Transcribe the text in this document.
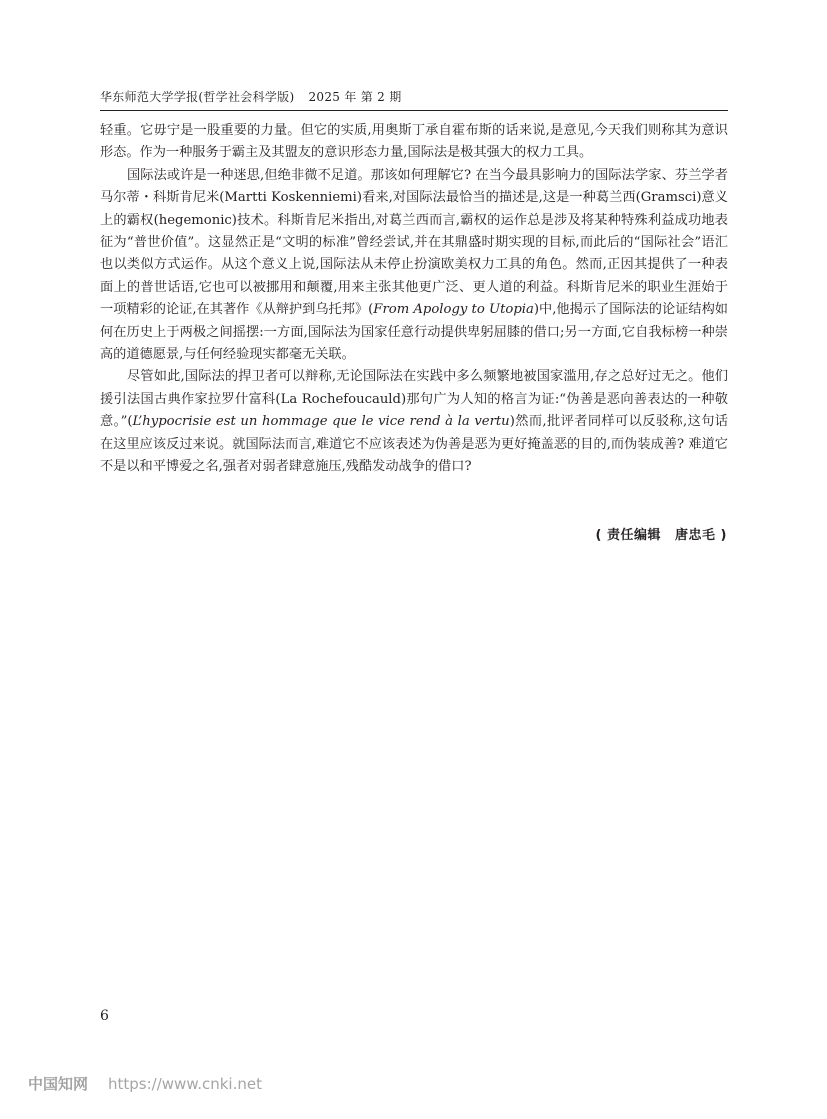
华东师范大学学报(哲学社会科学版) 2025 年 第 2 期

轻重。它毋宁是一股重要的力量。但它的实质,用奥斯丁承自霍布斯的话来说,是意见,今天我们则称其为意识形态。作为一种服务于霸主及其盟友的意识形态力量,国际法是极其强大的权力工具。

国际法或许是一种迷思,但绝非微不足道。那该如何理解它? 在当今最具影响力的国际法学家、芬兰学者马尔蒂・科斯肯尼米(Martti Koskenniemi)看来,对国际法最恰当的描述是,这是一种葛兰西(Gramsci)意义上的霸权(hegemonic)技术。科斯肯尼米指出,对葛兰西而言,霸权的运作总是涉及将某种特殊利益成功地表征为“普世价值”。这显然正是“文明的标准”曾经尝试,并在其鼎盛时期实现的目标,而此后的“国际社会”语汇也以类似方式运作。从这个意义上说,国际法从未停止扮演欧美权力工具的角色。然而,正因其提供了一种表面上的普世话语,它也可以被挪用和颠覆,用来主张其他更广泛、更人道的利益。科斯肯尼米的职业生涯始于一项精彩的论证,在其著作《从辩护到乌托邦》(From Apology to Utopia)中,他揭示了国际法的论证结构如何在历史上于两极之间摇摆:一方面,国际法为国家任意行动提供卑躬屈膝的借口;另一方面,它自我标榜一种崇高的道德愿景,与任何经验现实都毫无关联。

尽管如此,国际法的捍卫者可以辩称,无论国际法在实践中多么频繁地被国家滥用,存之总好过无之。他们援引法国古典作家拉罗什富科(La Rochefoucauld)那句广为人知的格言为证:“伪善是恶向善表达的一种敬意。”(L’hypocrisie est un hommage que le vice rend à la vertu)然而,批评者同样可以反驳称,这句话在这里应该反过来说。就国际法而言,难道它不应该表述为伪善是恶为更好掩盖恶的目的,而伪装成善? 难道它不是以和平博爱之名,强者对弱者肆意施压,残酷发动战争的借口?

( 责任编辑 唐忠毛 )
6
中国知网 https://www.cnki.net
